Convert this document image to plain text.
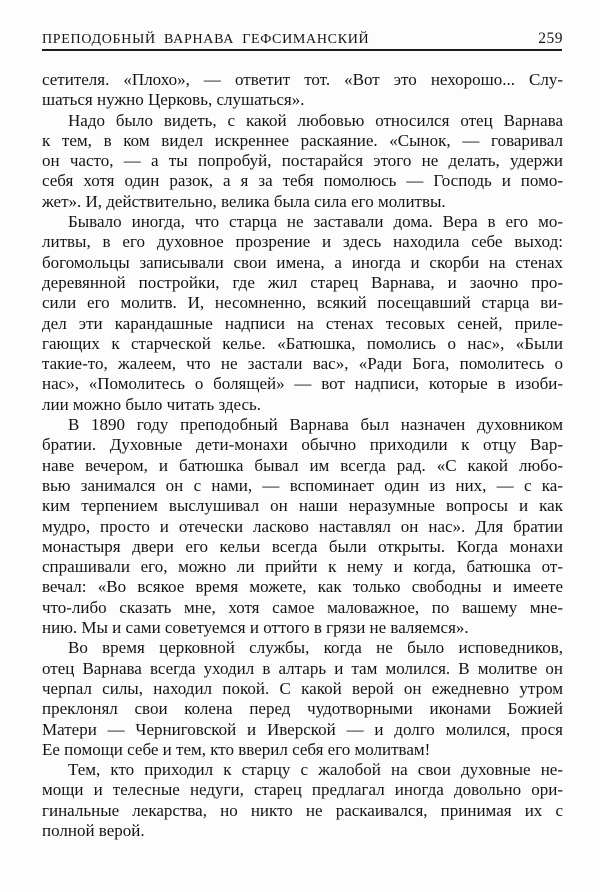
ПРЕПОДОБНЫЙ ВАРНАВА ГЕФСИМАНСКИЙ	259
сетителя. «Плохо», — ответит тот. «Вот это нехорошо... Слу-
шаться нужно Церковь, слушаться».
Надо было видеть, с какой любовью относился отец Варнава
к тем, в ком видел искреннее раскаяние. «Сынок, — говаривал
он часто, — а ты попробуй, постарайся этого не делать, удержи
себя хотя один разок, а я за тебя помолюсь — Господь и помо-
жет». И, действительно, велика была сила его молитвы.
Бывало иногда, что старца не заставали дома. Вера в его мо-
литвы, в его духовное прозрение и здесь находила себе выход:
богомольцы записывали свои имена, а иногда и скорби на стенах
деревянной постройки, где жил старец Варнава, и заочно про-
сили его молитв. И, несомненно, всякий посещавший старца ви-
дел эти карандашные надписи на стенах тесовых сеней, приле-
гающих к старческой келье. «Батюшка, помолись о нас», «Были
такие-то, жалеем, что не застали вас», «Ради Бога, помолитесь о
нас», «Помолитесь о болящей» — вот надписи, которые в изоби-
лии можно было читать здесь.
В 1890 году преподобный Варнава был назначен духовником
братии. Духовные дети-монахи обычно приходили к отцу Вар-
наве вечером, и батюшка бывал им всегда рад. «С какой любо-
вью занимался он с нами, — вспоминает один из них, — с ка-
ким терпением выслушивал он наши неразумные вопросы и как
мудро, просто и отечески ласково наставлял он нас». Для братии
монастыря двери его кельи всегда были открыты. Когда монахи
спрашивали его, можно ли прийти к нему и когда, батюшка от-
вечал: «Во всякое время можете, как только свободны и имеете
что-либо сказать мне, хотя самое маловажное, по вашему мне-
нию. Мы и сами советуемся и оттого в грязи не валяемся».
Во время церковной службы, когда не было исповедников,
отец Варнава всегда уходил в алтарь и там молился. В молитве он
черпал силы, находил покой. С какой верой он ежедневно утром
преклонял свои колена перед чудотворными иконами Божией
Матери — Черниговской и Иверской — и долго молился, прося
Ее помощи себе и тем, кто вверил себя его молитвам!
Тем, кто приходил к старцу с жалобой на свои духовные не-
мощи и телесные недуги, старец предлагал иногда довольно ори-
гинальные лекарства, но никто не раскаивался, принимая их с
полной верой.
